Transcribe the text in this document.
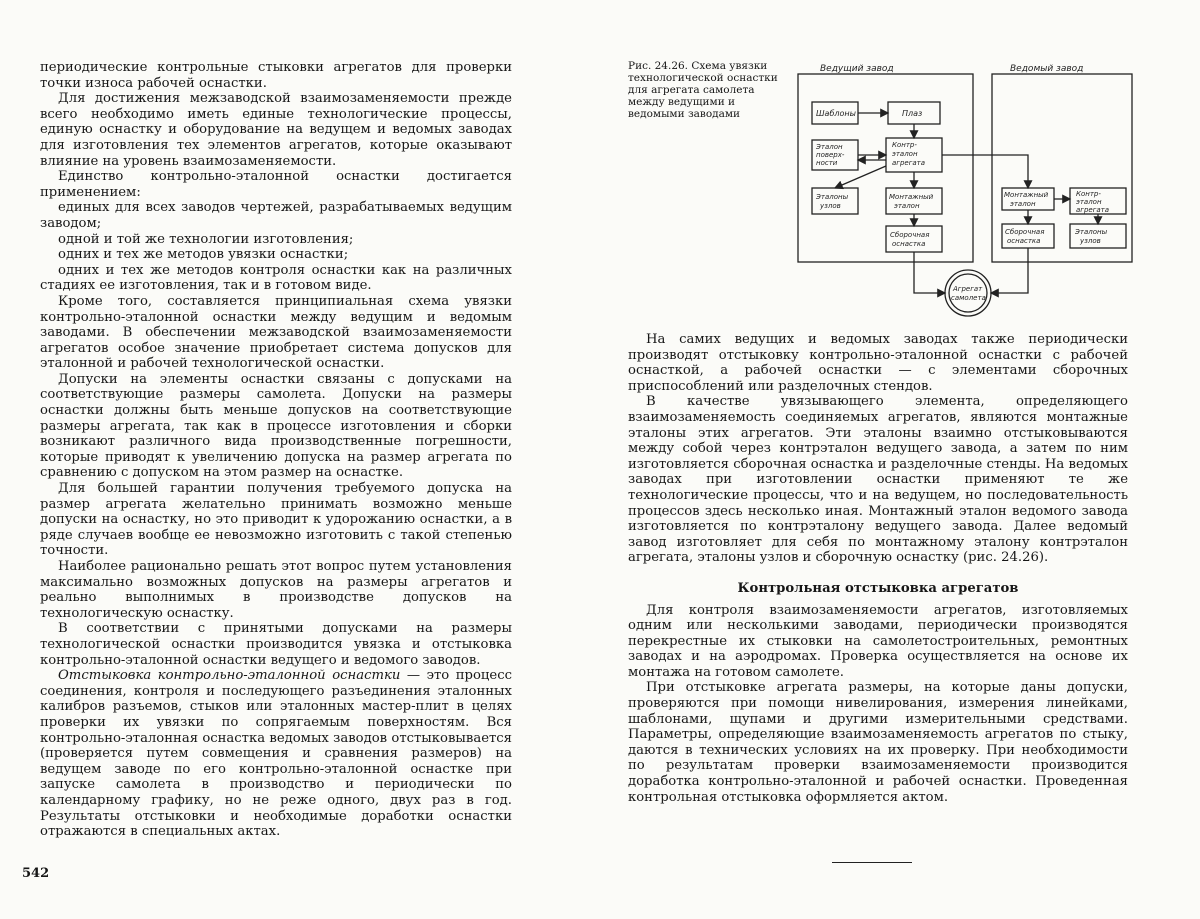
периодические контрольные стыковки агрегатов для проверки точки износа рабочей оснастки.

Для достижения межзаводской взаимозаменяемости прежде всего необходимо иметь единые технологические процессы, единую оснастку и оборудование на ведущем и ведомых заводах для изготовления тех элементов агрегатов, которые оказывают влияние на уровень взаимозаменяемости.

Единство контрольно-эталонной оснастки достигается применением:

единых для всех заводов чертежей, разрабатываемых ведущим заводом;

одной и той же технологии изготовления;

одних и тех же методов увязки оснастки;

одних и тех же методов контроля оснастки как на различных стадиях ее изготовления, так и в готовом виде.

Кроме того, составляется принципиальная схема увязки контрольно-эталонной оснастки между ведущим и ведомым заводами. В обеспечении межзаводской взаимозаменяемости агрегатов особое значение приобретает система допусков для эталонной и рабочей технологической оснастки.

Допуски на элементы оснастки связаны с допусками на соответствующие размеры самолета. Допуски на размеры оснастки должны быть меньше допусков на соответствующие размеры агрегата, так как в процессе изготовления и сборки возникают различного вида производственные погрешности, которые приводят к увеличению допуска на размер агрегата по сравнению с допуском на этом размер на оснастке.

Для большей гарантии получения требуемого допуска на размер агрегата желательно принимать возможно меньше допуски на оснастку, но это приводит к удорожанию оснастки, а в ряде случаев вообще ее невозможно изготовить с такой степенью точности.

Наиболее рационально решать этот вопрос путем установления максимально возможных допусков на размеры агрегатов и реально выполнимых в производстве допусков на технологическую оснастку.

В соответствии с принятыми допусками на размеры технологической оснастки производится увязка и отстыковка контрольно-эталонной оснастки ведущего и ведомого заводов.

Отстыковка контрольно-эталонной оснастки — это процесс соединения, контроля и последующего разъединения эталонных калибров разъемов, стыков или эталонных мастер-плит в целях проверки их увязки по сопрягаемым поверхностям. Вся контрольно-эталонная оснастка ведомых заводов отстыковывается (проверяется путем совмещения и сравнения размеров) на ведущем заводе по его контрольно-эталонной оснастке при запуске самолета в производство и периодически по календарному графику, но не реже одного, двух раз в год. Результаты отстыковки и необходимые доработки оснастки отражаются в специальных актах.

542
Рис. 24.26. Схема увязки технологической оснастки для агрегата самолета между ведущими и ведомыми заводами
Ведущий завод	Ведомый завод
Шаблоны	Плаз
Эталон
поверх-
ности
Контр-
эталон
агрегата
Эталоны
узлов
Монтажный
эталон
Сборочная
оснастка
Монтажный
эталон
Контр-
эталон
агрегата
Сборочная
оснастка
Эталоны
узлов
Агрегат
самолета

На самих ведущих и ведомых заводах также периодически производят отстыковку контрольно-эталонной оснастки с рабочей оснасткой, а рабочей оснастки — с элементами сборочных приспособлений или разделочных стендов.

В качестве увязывающего элемента, определяющего взаимозаменяемость соединяемых агрегатов, являются монтажные эталоны этих агрегатов. Эти эталоны взаимно отстыковываются между собой через контрэталон ведущего завода, а затем по ним изготовляется сборочная оснастка и разделочные стенды. На ведомых заводах при изготовлении оснастки применяют те же технологические процессы, что и на ведущем, но последовательность процессов здесь несколько иная. Монтажный эталон ведомого завода изготовляется по контрэталону ведущего завода. Далее ведомый завод изготовляет для себя по монтажному эталону контрэталон агрегата, эталоны узлов и сборочную оснастку (рис. 24.26).

Контрольная отстыковка агрегатов

Для контроля взаимозаменяемости агрегатов, изготовляемых одним или несколькими заводами, периодически производятся перекрестные их стыковки на самолетостроительных, ремонтных заводах и на аэродромах. Проверка осуществляется на основе их монтажа на готовом самолете.

При отстыковке агрегата размеры, на которые даны допуски, проверяются при помощи нивелирования, измерения линейками, шаблонами, щупами и другими измерительными средствами. Параметры, определяющие взаимозаменяемость агрегатов по стыку, даются в технических условиях на их проверку. При необходимости по результатам проверки взаимозаменяемости производится доработка контрольно-эталонной и рабочей оснастки. Проведенная контрольная отстыковка оформляется актом.
